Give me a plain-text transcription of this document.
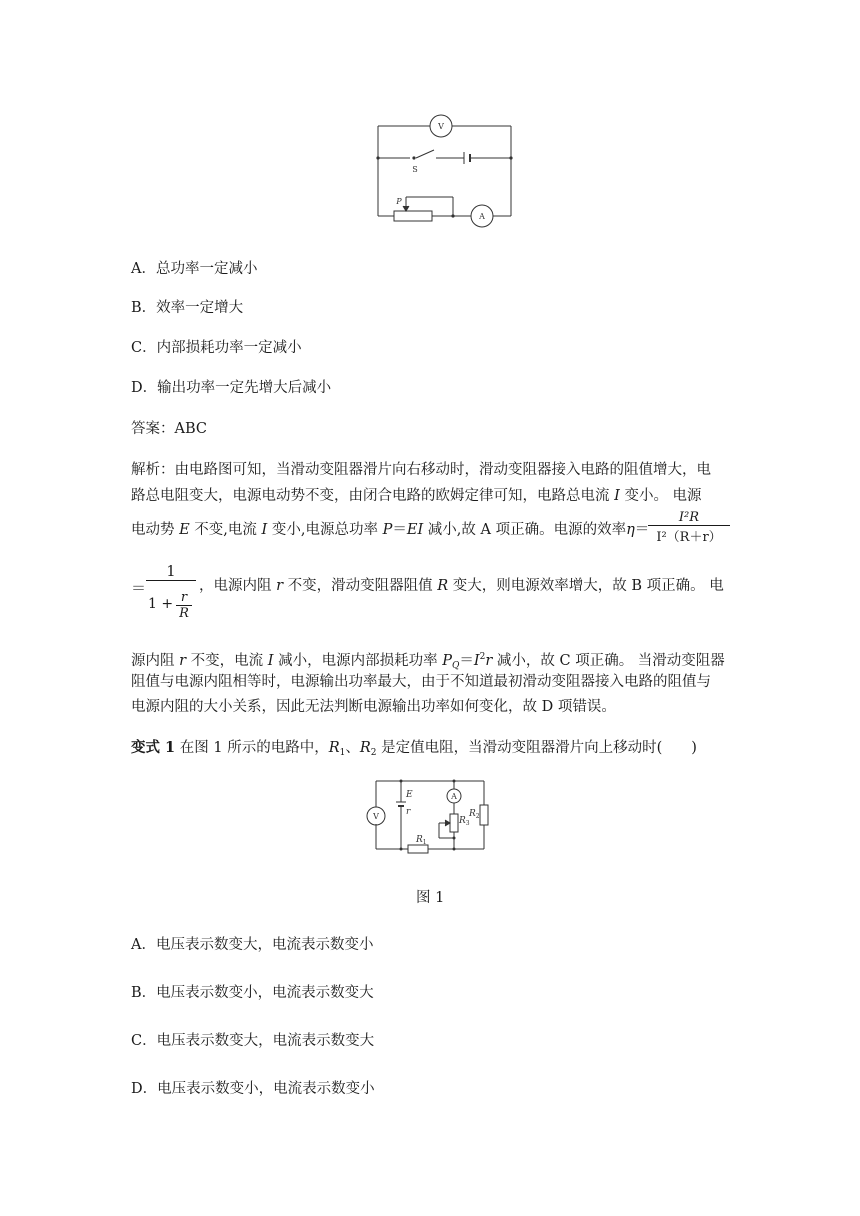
V
A
S
P
A．总功率一定减小
B．效率一定增大
C．内部损耗功率一定减小
D．输出功率一定先增大后减小
答案：ABC
解析：由电路图可知，当滑动变阻器滑片向右移动时，滑动变阻器接入电路的阻值增大，电
路总电阻变大，电源电动势不变，由闭合电路的欧姆定律可知，电路总电流 I 变小。 电源
电动势 E 不变,电流 I 变小,电源总功率 P＝EI 减小,故 A 项正确。电源的效率η＝
I²R
I²（R＋r）
＝
1
1 + r
R
，电源内阻 r 不变，滑动变阻器阻值 R 变大，则电源效率增大，故 B 项正确。 电
源内阻 r 不变，电流 I 减小，电源内部损耗功率 $P_Q=I^2r$ 减小，故 C 项正确。 当滑动变阻器
阻值与电源内阻相等时，电源输出功率最大，由于不知道最初滑动变阻器接入电路的阻值与
电源内阻的大小关系，因此无法判断电源输出功率如何变化，故 D 项错误。
变式 1 在图 1 所示的电路中，$R_1$、$R_2$ 是定值电阻，当滑动变阻器滑片向上移动时(　　)
V
A
E
r
$R_1$
$R_2$
$R_3$
图 1
A．电压表示数变大，电流表示数变小
B．电压表示数变小，电流表示数变大
C．电压表示数变大，电流表示数变大
D．电压表示数变小，电流表示数变小
